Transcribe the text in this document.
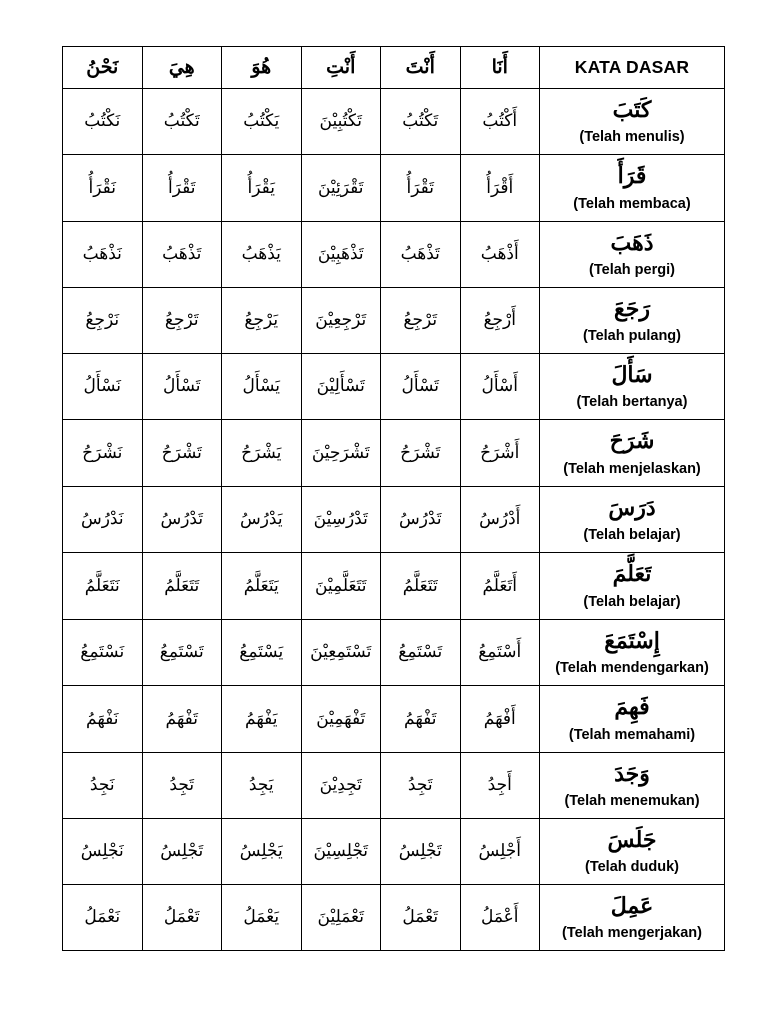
نَحْنُ	هِيَ	هُوَ	أَنْتِ	أَنْتَ	أَنَا	KATA DASAR
نَكْتُبُ	تَكْتُبُ	يَكْتُبُ	تَكْتُبِيْنَ	تَكْتُبُ	أَكْتُبُ	كَتَبَ
(Telah menulis)

نَقْرَأُ	تَقْرَأُ	يَقْرَأُ	تَقْرَئِيْنَ	تَقْرَأُ	أَقْرَأُ	قَرَأَ
(Telah membaca)

نَذْهَبُ	تَذْهَبُ	يَذْهَبُ	تَذْهَبِيْنَ	تَذْهَبُ	أَذْهَبُ	ذَهَبَ
(Telah pergi)

نَرْجِعُ	تَرْجِعُ	يَرْجِعُ	تَرْجِعِيْنَ	تَرْجِعُ	أَرْجِعُ	رَجَعَ
(Telah pulang)

نَسْأَلُ	تَسْأَلُ	يَسْأَلُ	تَسْأَلِيْنَ	تَسْأَلُ	أَسْأَلُ	سَأَلَ
(Telah bertanya)

نَشْرَحُ	تَشْرَحُ	يَشْرَحُ	تَشْرَحِيْنَ	تَشْرَحُ	أَشْرَحُ	شَرَحَ
(Telah menjelaskan)

نَدْرُسُ	تَدْرُسُ	يَدْرُسُ	تَدْرُسِيْنَ	تَدْرُسُ	أَدْرُسُ	دَرَسَ
(Telah belajar)

نَتَعَلَّمُ	تَتَعَلَّمُ	يَتَعَلَّمُ	تَتَعَلَّمِيْنَ	تَتَعَلَّمُ	أَتَعَلَّمُ	تَعَلَّمَ
(Telah belajar)

نَسْتَمِعُ	تَسْتَمِعُ	يَسْتَمِعُ	تَسْتَمِعِيْنَ	تَسْتَمِعُ	أَسْتَمِعُ	إِسْتَمَعَ
(Telah mendengarkan)

نَفْهَمُ	تَفْهَمُ	يَفْهَمُ	تَفْهَمِيْنَ	تَفْهَمُ	أَفْهَمُ	فَهِمَ
(Telah memahami)

نَجِدُ	تَجِدُ	يَجِدُ	تَجِدِيْنَ	تَجِدُ	أَجِدُ	وَجَدَ
(Telah menemukan)

نَجْلِسُ	تَجْلِسُ	يَجْلِسُ	تَجْلِسِيْنَ	تَجْلِسُ	أَجْلِسُ	جَلَسَ
(Telah duduk)

نَعْمَلُ	تَعْمَلُ	يَعْمَلُ	تَعْمَلِيْنَ	تَعْمَلُ	أَعْمَلُ	عَمِلَ
(Telah mengerjakan)
